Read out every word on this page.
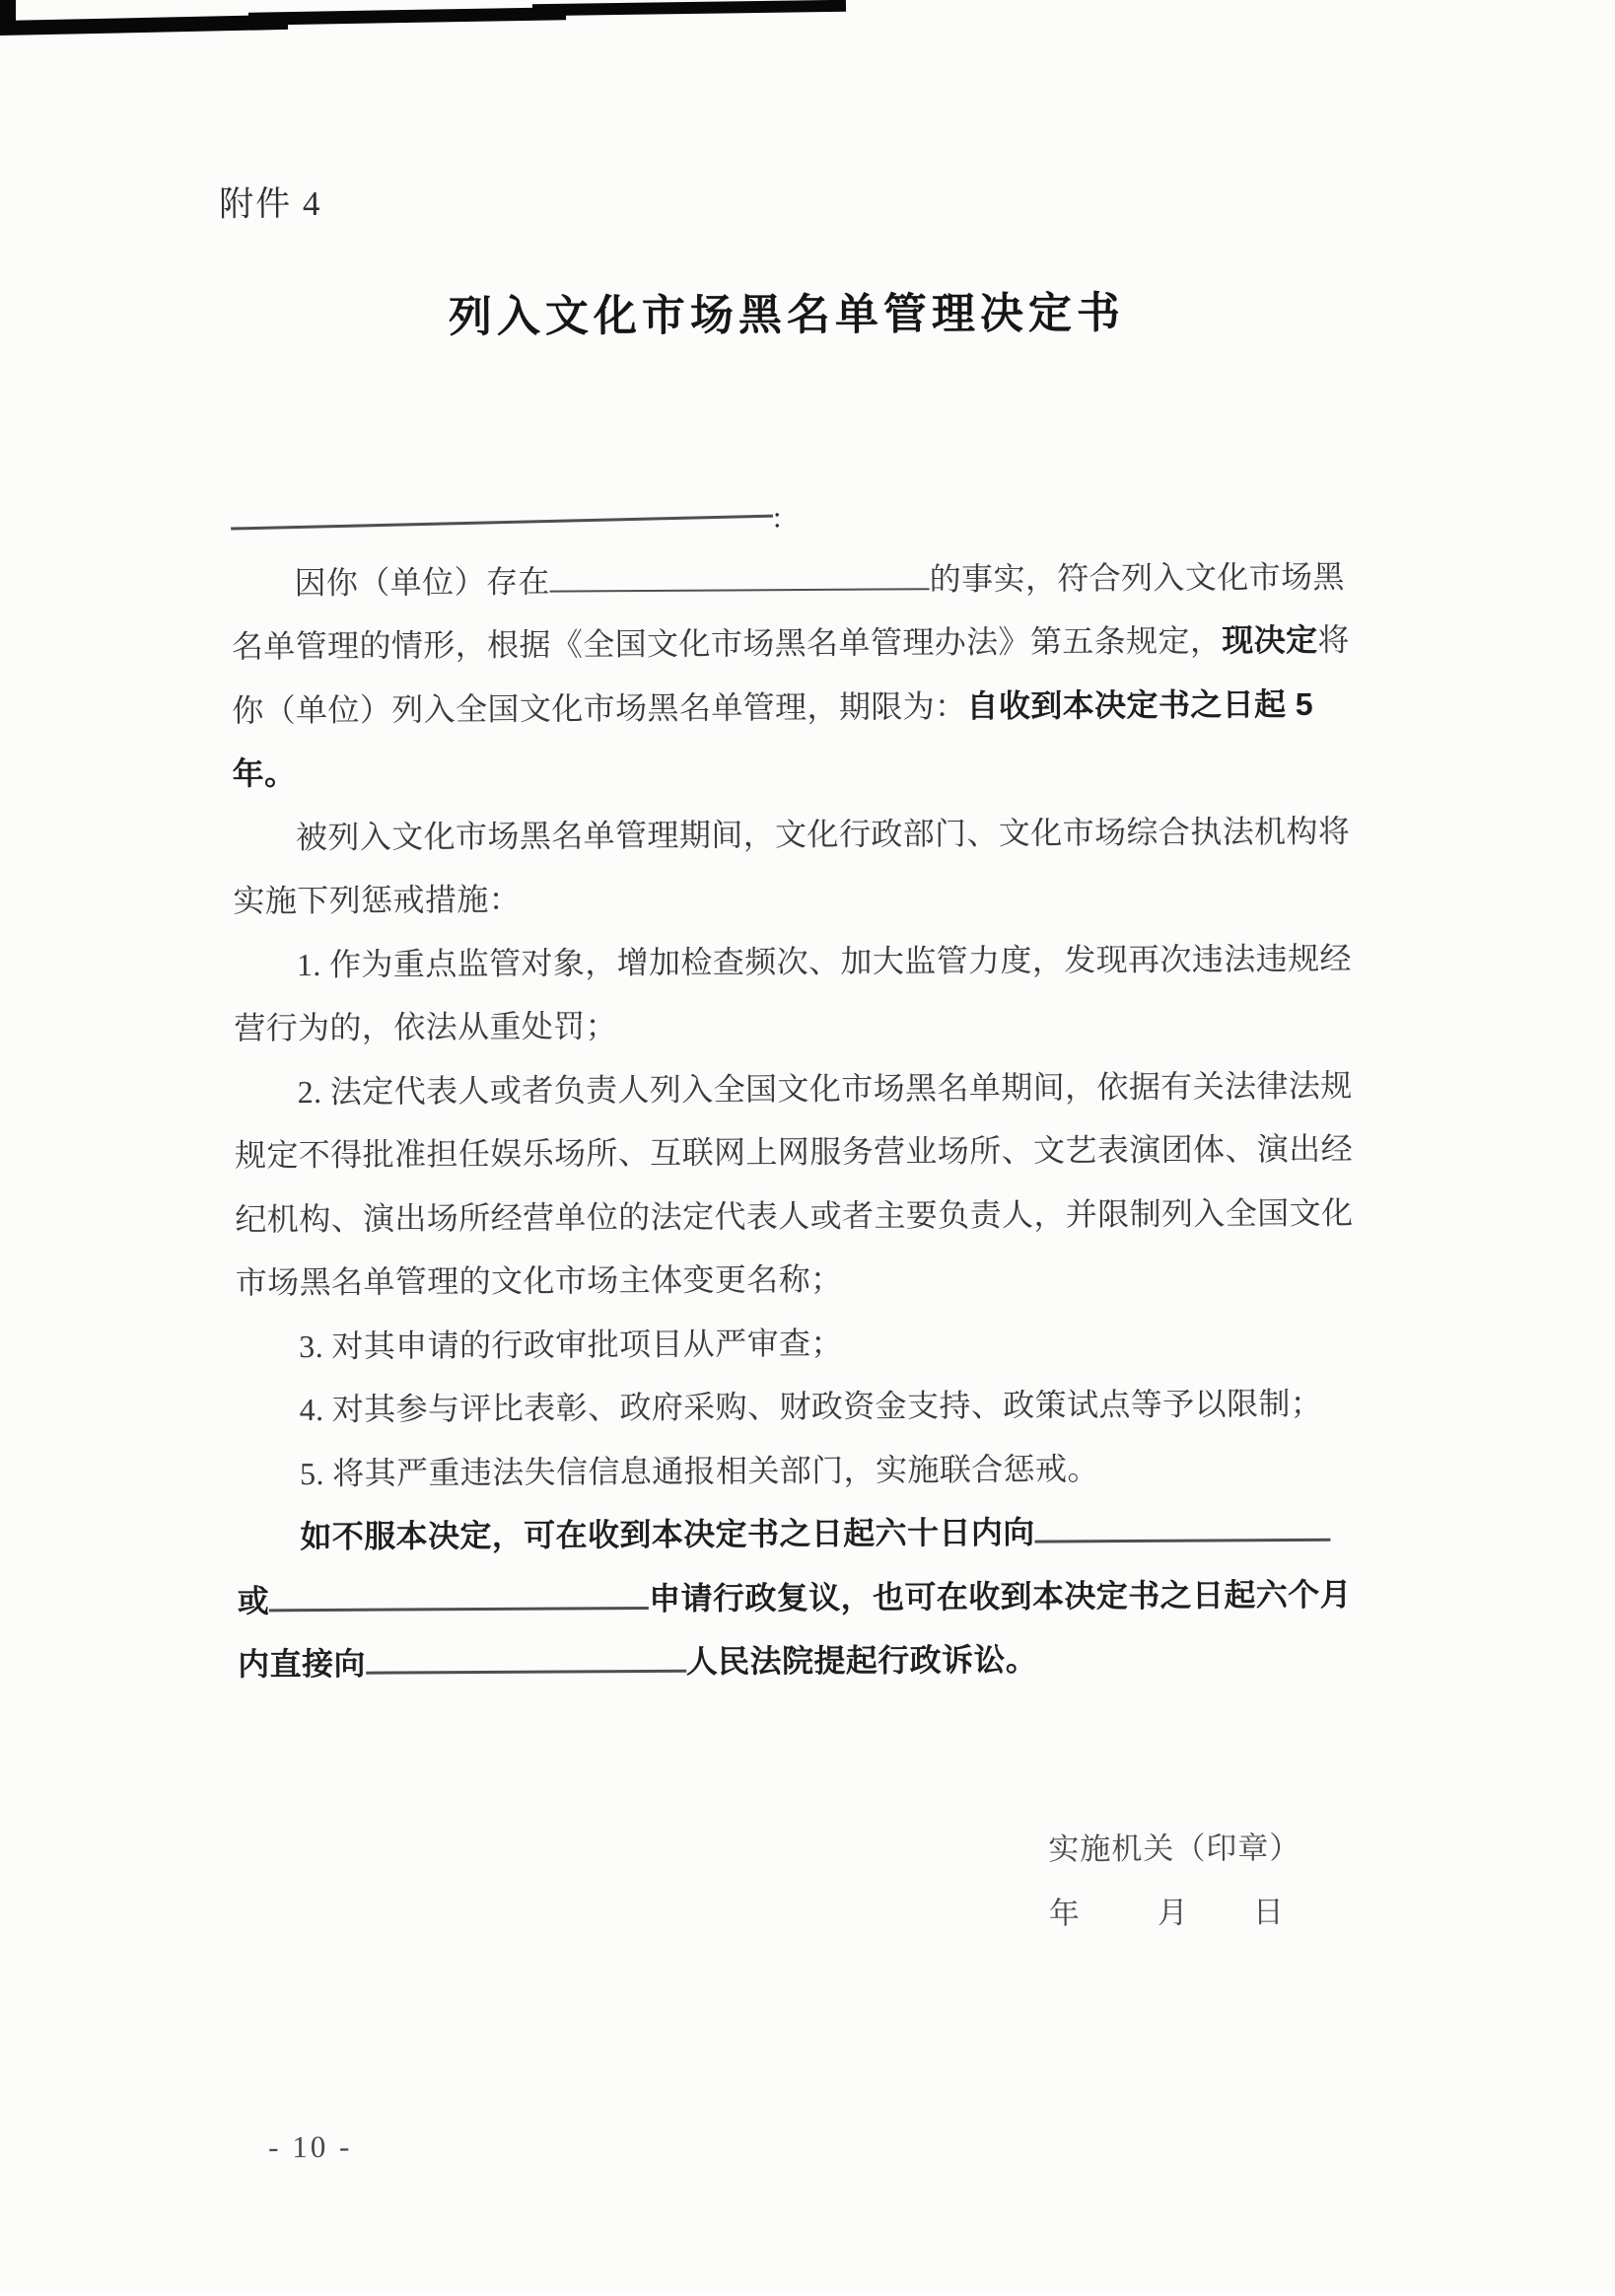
附件 4
列入文化市场黑名单管理决定书
:
因你（单位）存在	的事实，符合列入文化市场黑
名单管理的情形，根据《全国文化市场黑名单管理办法》第五条规定，现决定将
你（单位）列入全国文化市场黑名单管理，期限为：自收到本决定书之日起 5
年。
被列入文化市场黑名单管理期间，文化行政部门、文化市场综合执法机构将
实施下列惩戒措施：
1. 作为重点监管对象，增加检查频次、加大监管力度，发现再次违法违规经
营行为的，依法从重处罚；
2. 法定代表人或者负责人列入全国文化市场黑名单期间，依据有关法律法规
规定不得批准担任娱乐场所、互联网上网服务营业场所、文艺表演团体、演出经
纪机构、演出场所经营单位的法定代表人或者主要负责人，并限制列入全国文化
市场黑名单管理的文化市场主体变更名称；
3. 对其申请的行政审批项目从严审查；
4. 对其参与评比表彰、政府采购、财政资金支持、政策试点等予以限制；
5. 将其严重违法失信信息通报相关部门，实施联合惩戒。
如不服本决定，可在收到本决定书之日起六十日内向
或	申请行政复议，也可在收到本决定书之日起六个月
内直接向	人民法院提起行政诉讼。
实施机关（印章）
年	月 日
- 10 -
